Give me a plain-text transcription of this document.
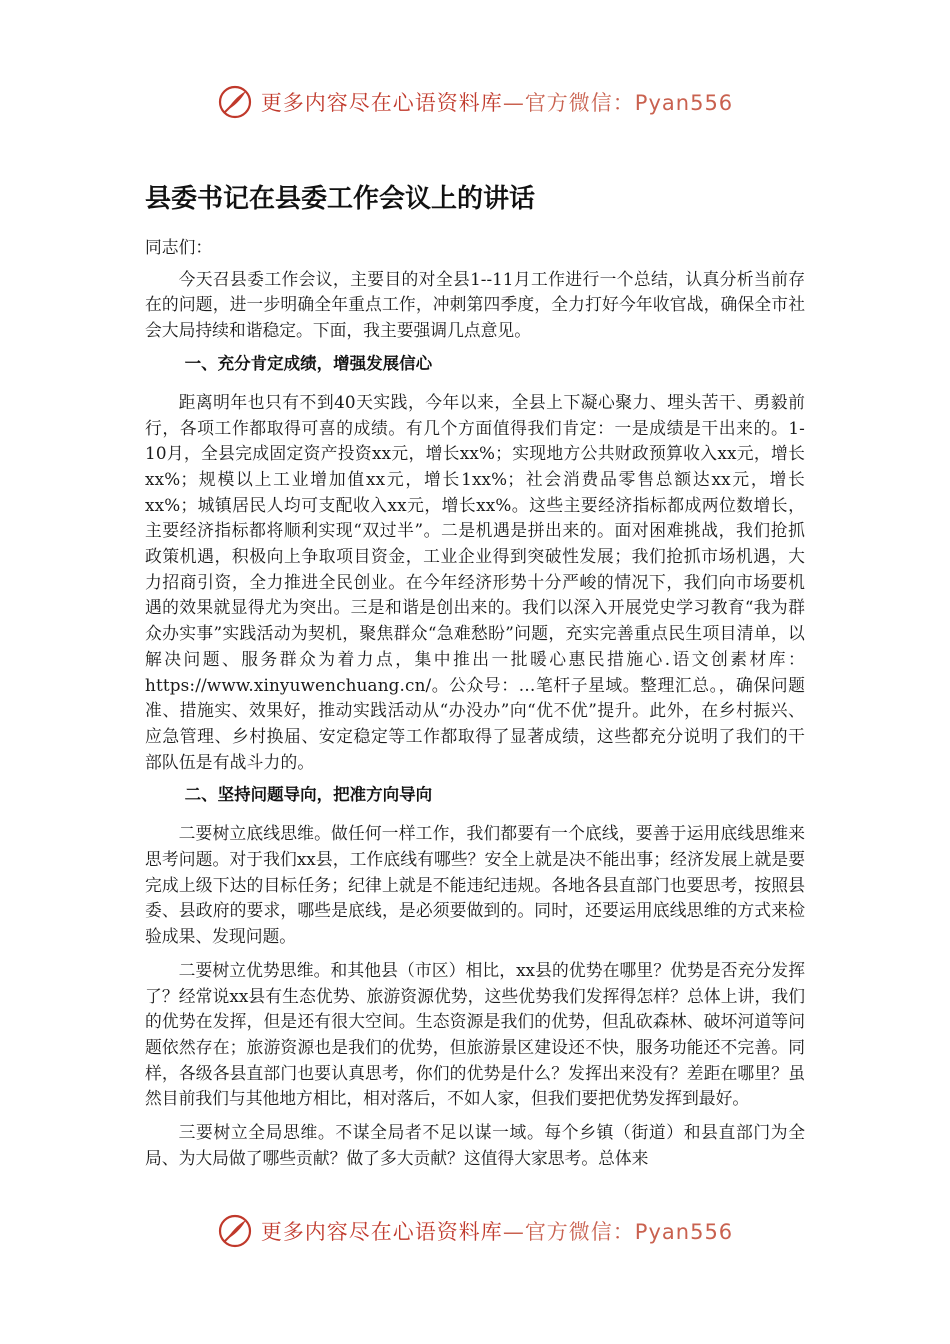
更多内容尽在心语资料库—官方微信：Pyan556
县委书记在县委工作会议上的讲话

同志们：

今天召县委工作会议，主要目的对全县1--11月工作进行一个总结，认真分析当前存在的问题，进一步明确全年重点工作，冲刺第四季度，全力打好今年收官战，确保全市社会大局持续和谐稳定。下面，我主要强调几点意见。

一、充分肯定成绩，增强发展信心

距离明年也只有不到40天实践，今年以来，全县上下凝心聚力、埋头苦干、勇毅前行，各项工作都取得可喜的成绩。有几个方面值得我们肯定：一是成绩是干出来的。1-10月，全县完成固定资产投资xx元，增长xx%；实现地方公共财政预算收入xx元，增长xx%；规模以上工业增加值xx元，增长1xx%；社会消费品零售总额达xx元，增长xx%；城镇居民人均可支配收入xx元，增长xx%。这些主要经济指标都成两位数增长，主要经济指标都将顺利实现“双过半”。二是机遇是拼出来的。面对困难挑战，我们抢抓政策机遇，积极向上争取项目资金，工业企业得到突破性发展；我们抢抓市场机遇，大力招商引资，全力推进全民创业。在今年经济形势十分严峻的情况下，我们向市场要机遇的效果就显得尤为突出。三是和谐是创出来的。我们以深入开展党史学习教育“我为群众办实事”实践活动为契机，聚焦群众“急难愁盼”问题，充实完善重点民生项目清单，以解决问题、服务群众为着力点，集中推出一批暖心惠民措施心.语文创素材库：https://www.xinyuwenchuang.cn/。公众号：…笔杆子星域。整理汇总。，确保问题准、措施实、效果好，推动实践活动从“办没办”向“优不优”提升。此外，在乡村振兴、应急管理、乡村换届、安定稳定等工作都取得了显著成绩，这些都充分说明了我们的干部队伍是有战斗力的。

二、坚持问题导向，把准方向导向

二要树立底线思维。做任何一样工作，我们都要有一个底线，要善于运用底线思维来思考问题。对于我们xx县，工作底线有哪些？安全上就是决不能出事；经济发展上就是要完成上级下达的目标任务；纪律上就是不能违纪违规。各地各县直部门也要思考，按照县委、县政府的要求，哪些是底线，是必须要做到的。同时，还要运用底线思维的方式来检验成果、发现问题。

二要树立优势思维。和其他县（市区）相比，xx县的优势在哪里？优势是否充分发挥了？经常说xx县有生态优势、旅游资源优势，这些优势我们发挥得怎样？总体上讲，我们的优势在发挥，但是还有很大空间。生态资源是我们的优势，但乱砍森林、破坏河道等问题依然存在；旅游资源也是我们的优势，但旅游景区建设还不快，服务功能还不完善。同样，各级各县直部门也要认真思考，你们的优势是什么？发挥出来没有？差距在哪里？虽然目前我们与其他地方相比，相对落后，不如人家，但我们要把优势发挥到最好。

三要树立全局思维。不谋全局者不足以谋一域。每个乡镇（街道）和县直部门为全局、为大局做了哪些贡献？做了多大贡献？这值得大家思考。总体来

更多内容尽在心语资料库—官方微信：Pyan556
